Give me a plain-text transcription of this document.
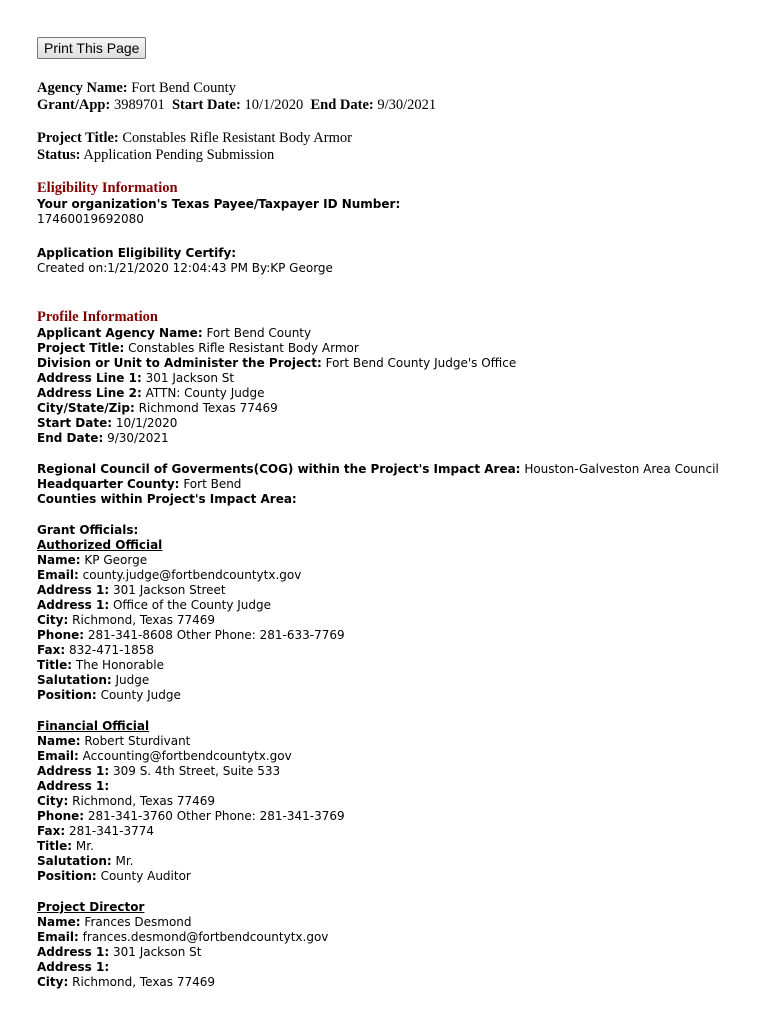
Print This Page
Agency Name: Fort Bend County
Grant/App: 3989701 Start Date: 10/1/2020 End Date: 9/30/2021
Project Title: Constables Rifle Resistant Body Armor
Status: Application Pending Submission
Eligibility Information
Your organization's Texas Payee/Taxpayer ID Number:
17460019692080
Application Eligibility Certify:
Created on:1/21/2020 12:04:43 PM By:KP George
Profile Information
Applicant Agency Name: Fort Bend County
Project Title: Constables Rifle Resistant Body Armor
Division or Unit to Administer the Project: Fort Bend County Judge's Office
Address Line 1: 301 Jackson St
Address Line 2: ATTN: County Judge
City/State/Zip: Richmond Texas 77469
Start Date: 10/1/2020
End Date: 9/30/2021
Regional Council of Goverments(COG) within the Project's Impact Area: Houston-Galveston Area Council
Headquarter County: Fort Bend
Counties within Project's Impact Area:
Grant Officials:
Authorized Official
Name: KP George
Email: county.judge@fortbendcountytx.gov
Address 1: 301 Jackson Street
Address 1: Office of the County Judge
City: Richmond, Texas 77469
Phone: 281-341-8608 Other Phone: 281-633-7769
Fax: 832-471-1858
Title: The Honorable
Salutation: Judge
Position: County Judge
Financial Official
Name: Robert Sturdivant
Email: Accounting@fortbendcountytx.gov
Address 1: 309 S. 4th Street, Suite 533
Address 1:
City: Richmond, Texas 77469
Phone: 281-341-3760 Other Phone: 281-341-3769
Fax: 281-341-3774
Title: Mr.
Salutation: Mr.
Position: County Auditor
Project Director
Name: Frances Desmond
Email: frances.desmond@fortbendcountytx.gov
Address 1: 301 Jackson St
Address 1:
City: Richmond, Texas 77469
